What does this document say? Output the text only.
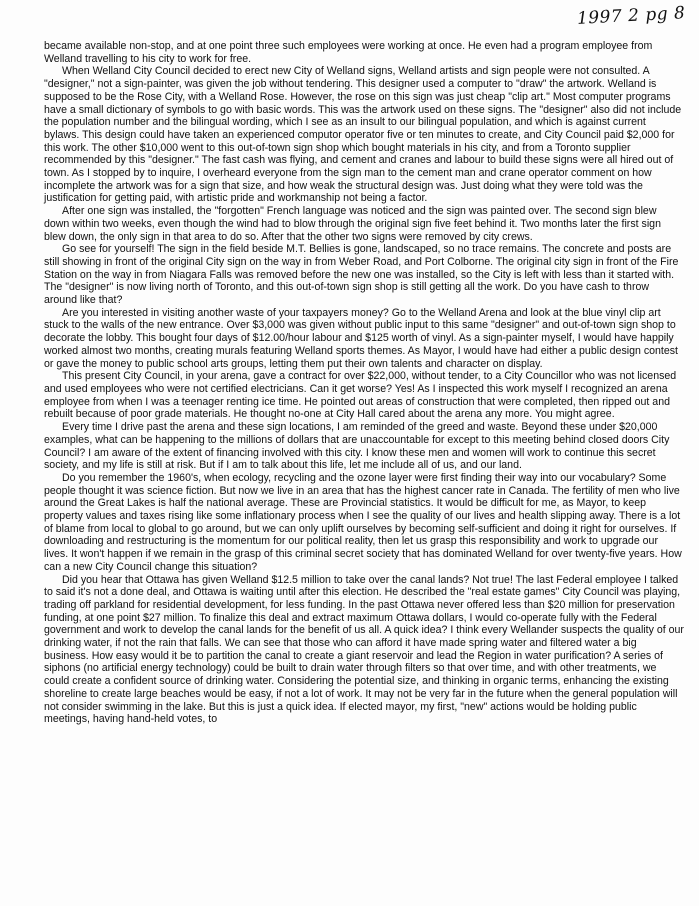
1997 2 pg 8

became available non-stop, and at one point three such employees were working at once. He even had a program employee from Welland travelling to his city to work for free.

When Welland City Council decided to erect new City of Welland signs, Welland artists and sign people were not consulted. A "designer," not a sign-painter, was given the job without tendering. This designer used a computer to "draw" the artwork. Welland is supposed to be the Rose City, with a Welland Rose. However, the rose on this sign was just cheap "clip art." Most computer programs have a small dictionary of symbols to go with basic words. This was the artwork used on these signs. The "designer" also did not include the population number and the bilingual wording, which I see as an insult to our bilingual population, and which is against current bylaws. This design could have taken an experienced computor operator five or ten minutes to create, and City Council paid $2,000 for this work. The other $10,000 went to this out-of-town sign shop which bought materials in his city, and from a Toronto supplier recommended by this "designer." The fast cash was flying, and cement and cranes and labour to build these signs were all hired out of town. As I stopped by to inquire, I overheard everyone from the sign man to the cement man and crane operator comment on how incomplete the artwork was for a sign that size, and how weak the structural design was. Just doing what they were told was the justification for getting paid, with artistic pride and workmanship not being a factor.

After one sign was installed, the "forgotten" French language was noticed and the sign was painted over. The second sign blew down within two weeks, even though the wind had to blow through the original sign five feet behind it. Two months later the first sign blew down, the only sign in that area to do so. After that the other two signs were removed by city crews.

Go see for yourself! The sign in the field beside M.T. Bellies is gone, landscaped, so no trace remains. The concrete and posts are still showing in front of the original City sign on the way in from Weber Road, and Port Colborne. The original city sign in front of the Fire Station on the way in from Niagara Falls was removed before the new one was installed, so the City is left with less than it started with. The "designer" is now living north of Toronto, and this out-of-town sign shop is still getting all the work. Do you have cash to throw around like that?

Are you interested in visiting another waste of your taxpayers money? Go to the Welland Arena and look at the blue vinyl clip art stuck to the walls of the new entrance. Over $3,000 was given without public input to this same "designer" and out-of-town sign shop to decorate the lobby. This bought four days of $12.00/hour labour and $125 worth of vinyl. As a sign-painter myself, I would have happily worked almost two months, creating murals featuring Welland sports themes. As Mayor, I would have had either a public design contest or gave the money to public school arts groups, letting them put their own talents and character on display.

This present City Council, in your arena, gave a contract for over $22,000, without tender, to a City Councillor who was not licensed and used employees who were not certified electricians. Can it get worse? Yes! As I inspected this work myself I recognized an arena employee from when I was a teenager renting ice time. He pointed out areas of construction that were completed, then ripped out and rebuilt because of poor grade materials. He thought no-one at City Hall cared about the arena any more. You might agree.

Every time I drive past the arena and these sign locations, I am reminded of the greed and waste. Beyond these under $20,000 examples, what can be happening to the millions of dollars that are unaccountable for except to this meeting behind closed doors City Council? I am aware of the extent of financing involved with this city. I know these men and women will work to continue this secret society, and my life is still at risk. But if I am to talk about this life, let me include all of us, and our land.

Do you remember the 1960's, when ecology, recycling and the ozone layer were first finding their way into our vocabulary? Some people thought it was science fiction. But now we live in an area that has the highest cancer rate in Canada. The fertility of men who live around the Great Lakes is half the national average. These are Provincial statistics. It would be difficult for me, as Mayor, to keep property values and taxes rising like some inflationary process when I see the quality of our lives and health slipping away. There is a lot of blame from local to global to go around, but we can only uplift ourselves by becoming self-sufficient and doing it right for ourselves. If downloading and restructuring is the momentum for our political reality, then let us grasp this responsibility and work to upgrade our lives. It won't happen if we remain in the grasp of this criminal secret society that has dominated Welland for over twenty-five years. How can a new City Council change this situation?

Did you hear that Ottawa has given Welland $12.5 million to take over the canal lands? Not true! The last Federal employee I talked to said it's not a done deal, and Ottawa is waiting until after this election. He described the "real estate games" City Council was playing, trading off parkland for residential development, for less funding. In the past Ottawa never offered less than $20 million for preservation funding, at one point $27 million. To finalize this deal and extract maximum Ottawa dollars, I would co-operate fully with the Federal government and work to develop the canal lands for the benefit of us all. A quick idea? I think every Wellander suspects the quality of our drinking water, if not the rain that falls. We can see that those who can afford it have made spring water and filtered water a big business. How easy would it be to partition the canal to create a giant reservoir and lead the Region in water purification? A series of siphons (no artificial energy technology) could be built to drain water through filters so that over time, and with other treatments, we could create a confident source of drinking water. Considering the potential size, and thinking in organic terms, enhancing the existing shoreline to create large beaches would be easy, if not a lot of work. It may not be very far in the future when the general population will not consider swimming in the lake. But this is just a quick idea. If elected mayor, my first, "new" actions would be holding public meetings, having hand-held votes, to
